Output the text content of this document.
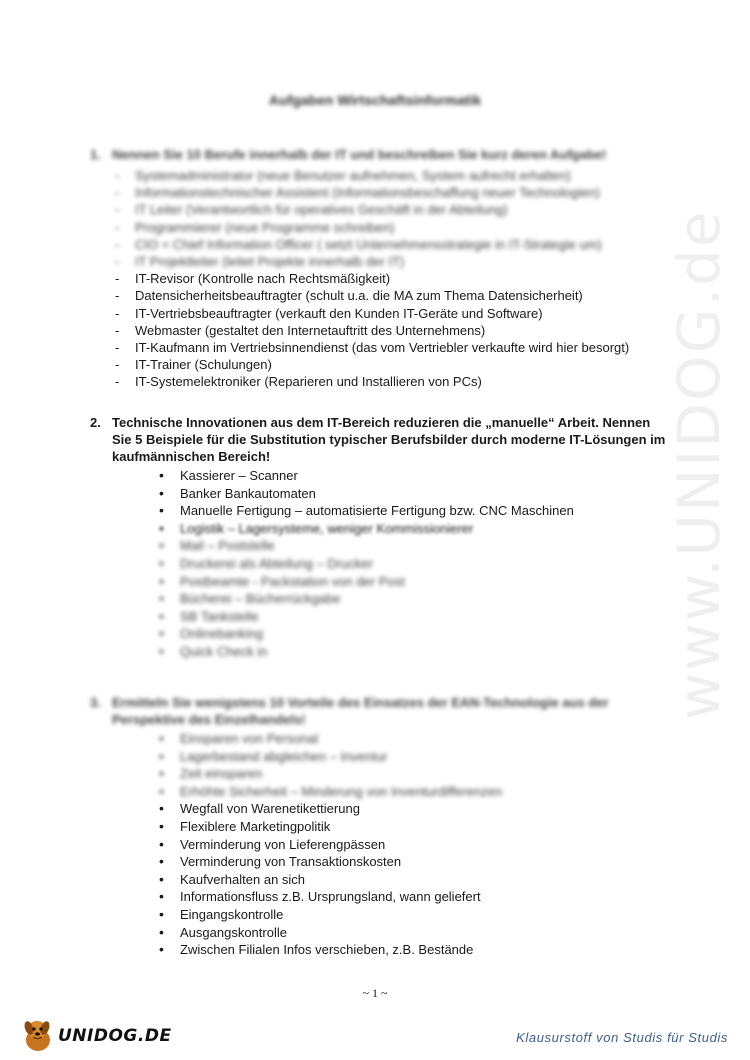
www.UNIDOG.de
Aufgaben Wirtschaftsinformatik
1. Nennen Sie 10 Berufe innerhalb der IT und beschreiben Sie kurz deren Aufgabe!
- Systemadministrator (neue Benutzer aufnehmen, System aufrecht erhalten)
- Informationstechnischer Assistent (Informationsbeschaffung neuer Technologien)
- IT Leiter (Verantwortlich für operatives Geschäft in der Abteilung)
- Programmierer (neue Programme schreiben)
- CIO = Chief Information Officer ( setzt Unternehmensstrategie in IT-Strategie um)
- IT Projektleiter (leitet Projekte innerhalb der IT)
- IT-Revisor (Kontrolle nach Rechtsmäßigkeit)
- Datensicherheitsbeauftragter (schult u.a. die MA zum Thema Datensicherheit)
- IT-Vertriebsbeauftragter (verkauft den Kunden IT-Geräte und Software)
- Webmaster (gestaltet den Internetauftritt des Unternehmens)
- IT-Kaufmann im Vertriebsinnendienst (das vom Vertriebler verkaufte wird hier besorgt)
- IT-Trainer (Schulungen)
- IT-Systemelektroniker (Reparieren und Installieren von PCs)
2. Technische Innovationen aus dem IT-Bereich reduzieren die „manuelle“ Arbeit. Nennen Sie 5 Beispiele für die Substitution typischer Berufsbilder durch moderne IT-Lösungen im kaufmännischen Bereich!
• Kassierer – Scanner
• Banker Bankautomaten
• Manuelle Fertigung – automatisierte Fertigung bzw. CNC Maschinen
• Logistik – Lagersysteme, weniger Kommissionierer
• Mail – Poststelle
• Druckerei als Abteilung – Drucker
• Postbeamte - Packstation von der Post
• Bücherei – Bücherrückgabe
• SB Tankstelle
• Onlinebanking
• Quick Check in
3. Ermitteln Sie wenigstens 10 Vorteile des Einsatzes der EAN-Technologie aus der Perspektive des Einzelhandels!
• Einsparen von Personal
• Lagerbestand abgleichen – Inventur
• Zeit einsparen
• Erhöhte Sicherheit – Minderung von Inventurdifferenzen
• Wegfall von Warenetikettierung
• Flexiblere Marketingpolitik
• Verminderung von Lieferengpässen
• Verminderung von Transaktionskosten
• Kaufverhalten an sich
• Informationsfluss z.B. Ursprungsland, wann geliefert
• Eingangskontrolle
• Ausgangskontrolle
• Zwischen Filialen Infos verschieben, z.B. Bestände
~ 1 ~
UNIDOG.DE	Klausurstoff von Studis für Studis
